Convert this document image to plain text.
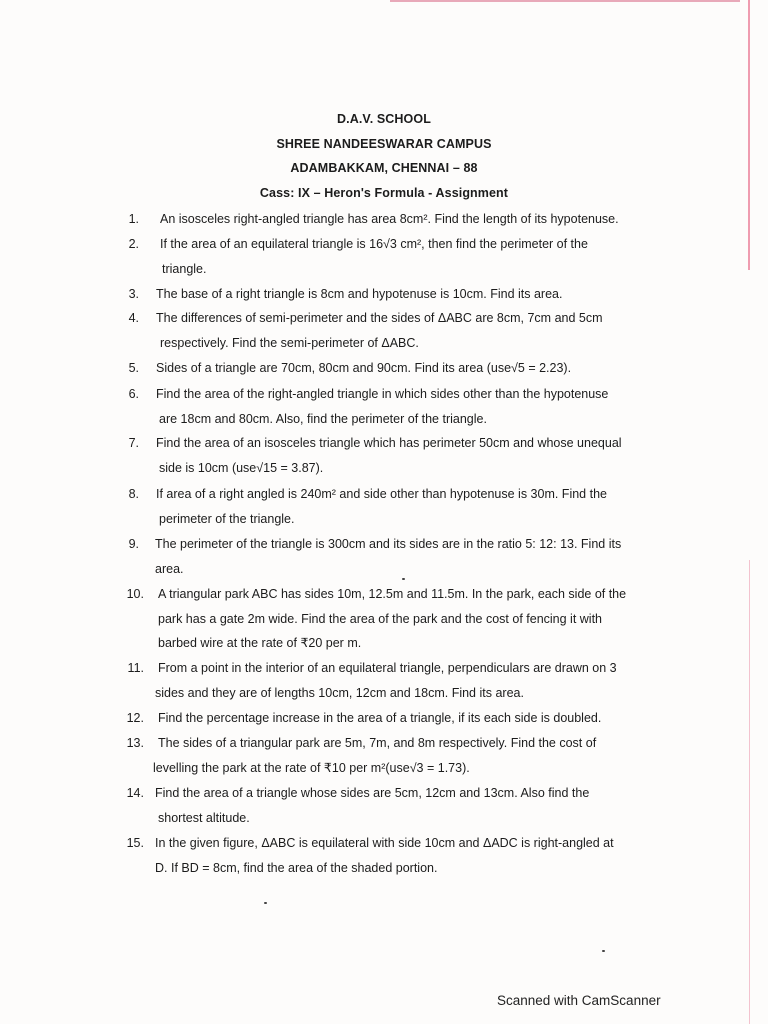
D.A.V. SCHOOL
SHREE NANDEESWARAR CAMPUS
ADAMBAKKAM, CHENNAI – 88
Cass: IX – Heron's Formula - Assignment
1. An isosceles right-angled triangle has area 8cm². Find the length of its hypotenuse.
2. If the area of an equilateral triangle is 16√3 cm², then find the perimeter of the
triangle.
3. The base of a right triangle is 8cm and hypotenuse is 10cm. Find its area.
4. The differences of semi-perimeter and the sides of ΔABC are 8cm, 7cm and 5cm
respectively. Find the semi-perimeter of ΔABC.
5. Sides of a triangle are 70cm, 80cm and 90cm. Find its area (use√5 = 2.23).
6. Find the area of the right-angled triangle in which sides other than the hypotenuse
are 18cm and 80cm. Also, find the perimeter of the triangle.
7. Find the area of an isosceles triangle which has perimeter 50cm and whose unequal
side is 10cm (use√15 = 3.87).
8. If area of a right angled is 240m² and side other than hypotenuse is 30m. Find the
perimeter of the triangle.
9. The perimeter of the triangle is 300cm and its sides are in the ratio 5: 12: 13. Find its
area.
10. A triangular park ABC has sides 10m, 12.5m and 11.5m. In the park, each side of the
park has a gate 2m wide. Find the area of the park and the cost of fencing it with
barbed wire at the rate of ₹20 per m.
11. From a point in the interior of an equilateral triangle, perpendiculars are drawn on 3
sides and they are of lengths 10cm, 12cm and 18cm. Find its area.
12. Find the percentage increase in the area of a triangle, if its each side is doubled.
13. The sides of a triangular park are 5m, 7m, and 8m respectively. Find the cost of
levelling the park at the rate of ₹10 per m²(use√3 = 1.73).
14. Find the area of a triangle whose sides are 5cm, 12cm and 13cm. Also find the
shortest altitude.
15. In the given figure, ΔABC is equilateral with side 10cm and ΔADC is right-angled at
D. If BD = 8cm, find the area of the shaded portion.
Scanned with CamScanner
